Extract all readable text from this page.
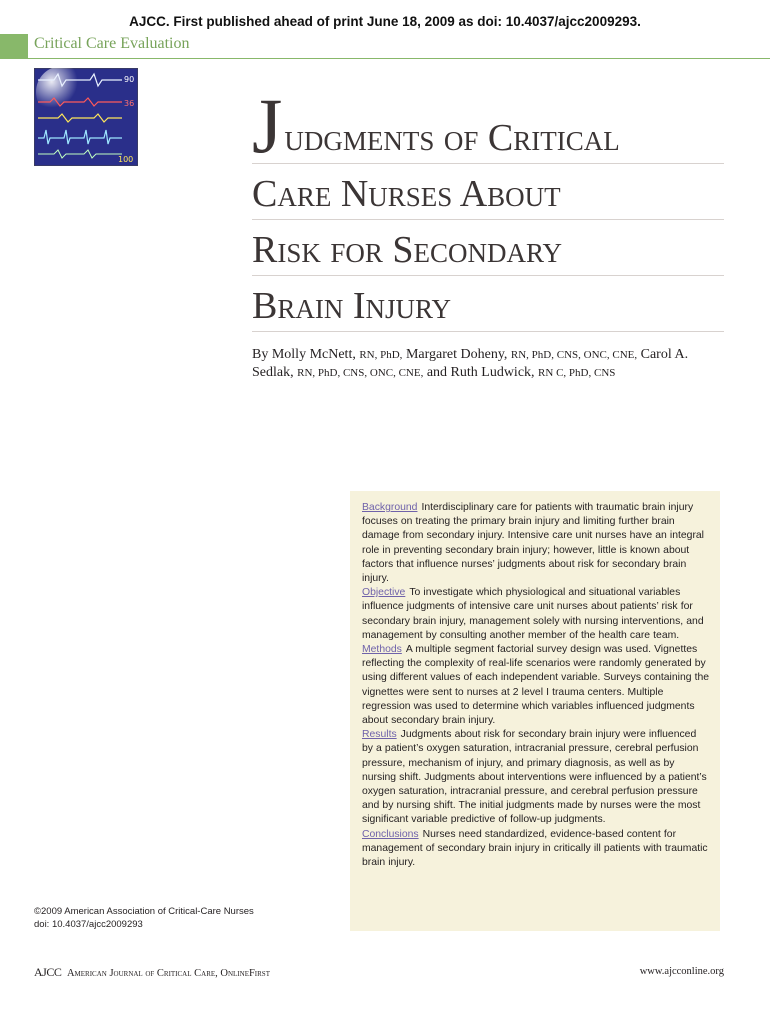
AJCC. First published ahead of print June 18, 2009 as doi: 10.4037/ajcc2009293.
Critical Care Evaluation
90
36
100 J udgments of Critical
Care Nurses About
Risk for Secondary
Brain Injury
By Molly McNett, RN, PhD, Margaret Doheny, RN, PhD, CNS, ONC, CNE, Carol A. Sedlak, RN, PhD, CNS, ONC, CNE, and Ruth Ludwick, RN C, PhD, CNS

Background Interdisciplinary care for patients with traumatic brain injury focuses on treating the primary brain injury and limiting further brain damage from secondary injury. Intensive care unit nurses have an integral role in preventing secondary brain injury; however, little is known about factors that influence nurses’ judgments about risk for secondary brain injury.

Objective To investigate which physiological and situational variables influence judgments of intensive care unit nurses about patients’ risk for secondary brain injury, management solely with nursing interventions, and management by consulting another member of the health care team.

Methods A multiple segment factorial survey design was used. Vignettes reflecting the complexity of real-life scenarios were randomly generated by using different values of each independent variable. Surveys containing the vignettes were sent to nurses at 2 level I trauma centers. Multiple regression was used to determine which variables influenced judgments about secondary brain injury.

Results Judgments about risk for secondary brain injury were influenced by a patient’s oxygen saturation, intracranial pressure, cerebral perfusion pressure, mechanism of injury, and primary diagnosis, as well as by nursing shift. Judgments about interventions were influenced by a patient’s oxygen saturation, intracranial pressure, and cerebral perfusion pressure and by nursing shift. The initial judgments made by nurses were the most significant variable predictive of follow-up judgments.

Conclusions Nurses need standardized, evidence-based content for management of secondary brain injury in critically ill patients with traumatic brain injury.

©2009 American Association of Critical-Care Nurses
doi: 10.4037/ajcc2009293
AJCC American Journal of Critical Care, OnlineFirst	www.ajcconline.org
